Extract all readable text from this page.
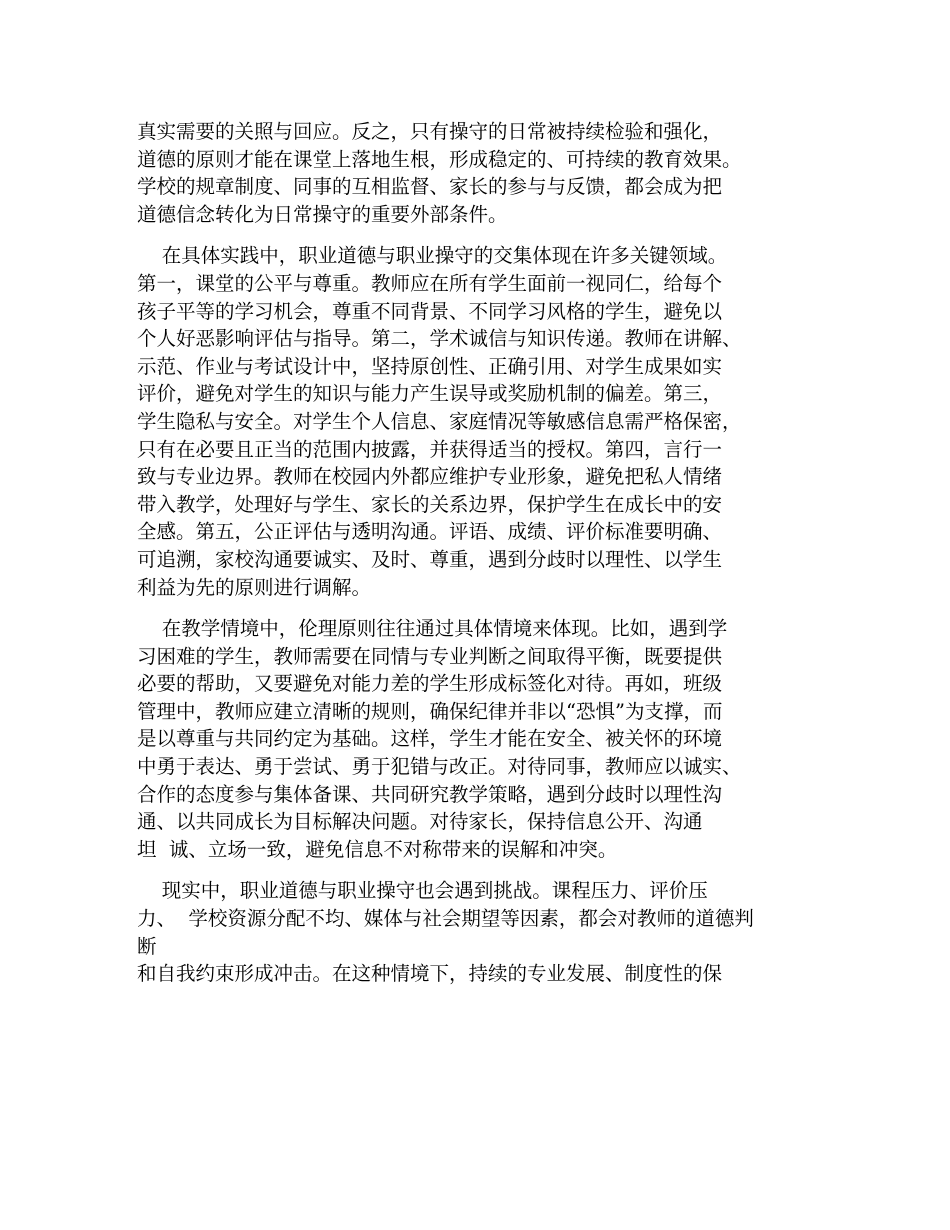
真实需要的关照与回应。反之，只有操守的日常被持续检验和强化，
道德的原则才能在课堂上落地生根，形成稳定的、可持续的教育效果。
学校的规章制度、同事的互相监督、家长的参与与反馈，都会成为把
道德信念转化为日常操守的重要外部条件。
在具体实践中，职业道德与职业操守的交集体现在许多关键领域。
第一，课堂的公平与尊重。教师应在所有学生面前一视同仁，给每个
孩子平等的学习机会，尊重不同背景、不同学习风格的学生，避免以
个人好恶影响评估与指导。第二，学术诚信与知识传递。教师在讲解、
示范、作业与考试设计中，坚持原创性、正确引用、对学生成果如实
评价，避免对学生的知识与能力产生误导或奖励机制的偏差。第三，
学生隐私与安全。对学生个人信息、家庭情况等敏感信息需严格保密，
只有在必要且正当的范围内披露，并获得适当的授权。第四，言行一
致与专业边界。教师在校园内外都应维护专业形象，避免把私人情绪
带入教学，处理好与学生、家长的关系边界，保护学生在成长中的安
全感。第五，公正评估与透明沟通。评语、成绩、评价标准要明确、
可追溯，家校沟通要诚实、及时、尊重，遇到分歧时以理性、以学生
利益为先的原则进行调解。
在教学情境中，伦理原则往往通过具体情境来体现。比如，遇到学
习困难的学生，教师需要在同情与专业判断之间取得平衡，既要提供
必要的帮助，又要避免对能力差的学生形成标签化对待。再如，班级
管理中，教师应建立清晰的规则，确保纪律并非以“恐惧”为支撑，而
是以尊重与共同约定为基础。这样，学生才能在安全、被关怀的环境
中勇于表达、勇于尝试、勇于犯错与改正。对待同事，教师应以诚实、
合作的态度参与集体备课、共同研究教学策略，遇到分歧时以理性沟
通、以共同成长为目标解决问题。对待家长，保持信息公开、沟通
坦  诚、立场一致，避免信息不对称带来的误解和冲突。
现实中，职业道德与职业操守也会遇到挑战。课程压力、评价压
力、  学校资源分配不均、媒体与社会期望等因素，都会对教师的道德判
断
和自我约束形成冲击。在这种情境下，持续的专业发展、制度性的保
